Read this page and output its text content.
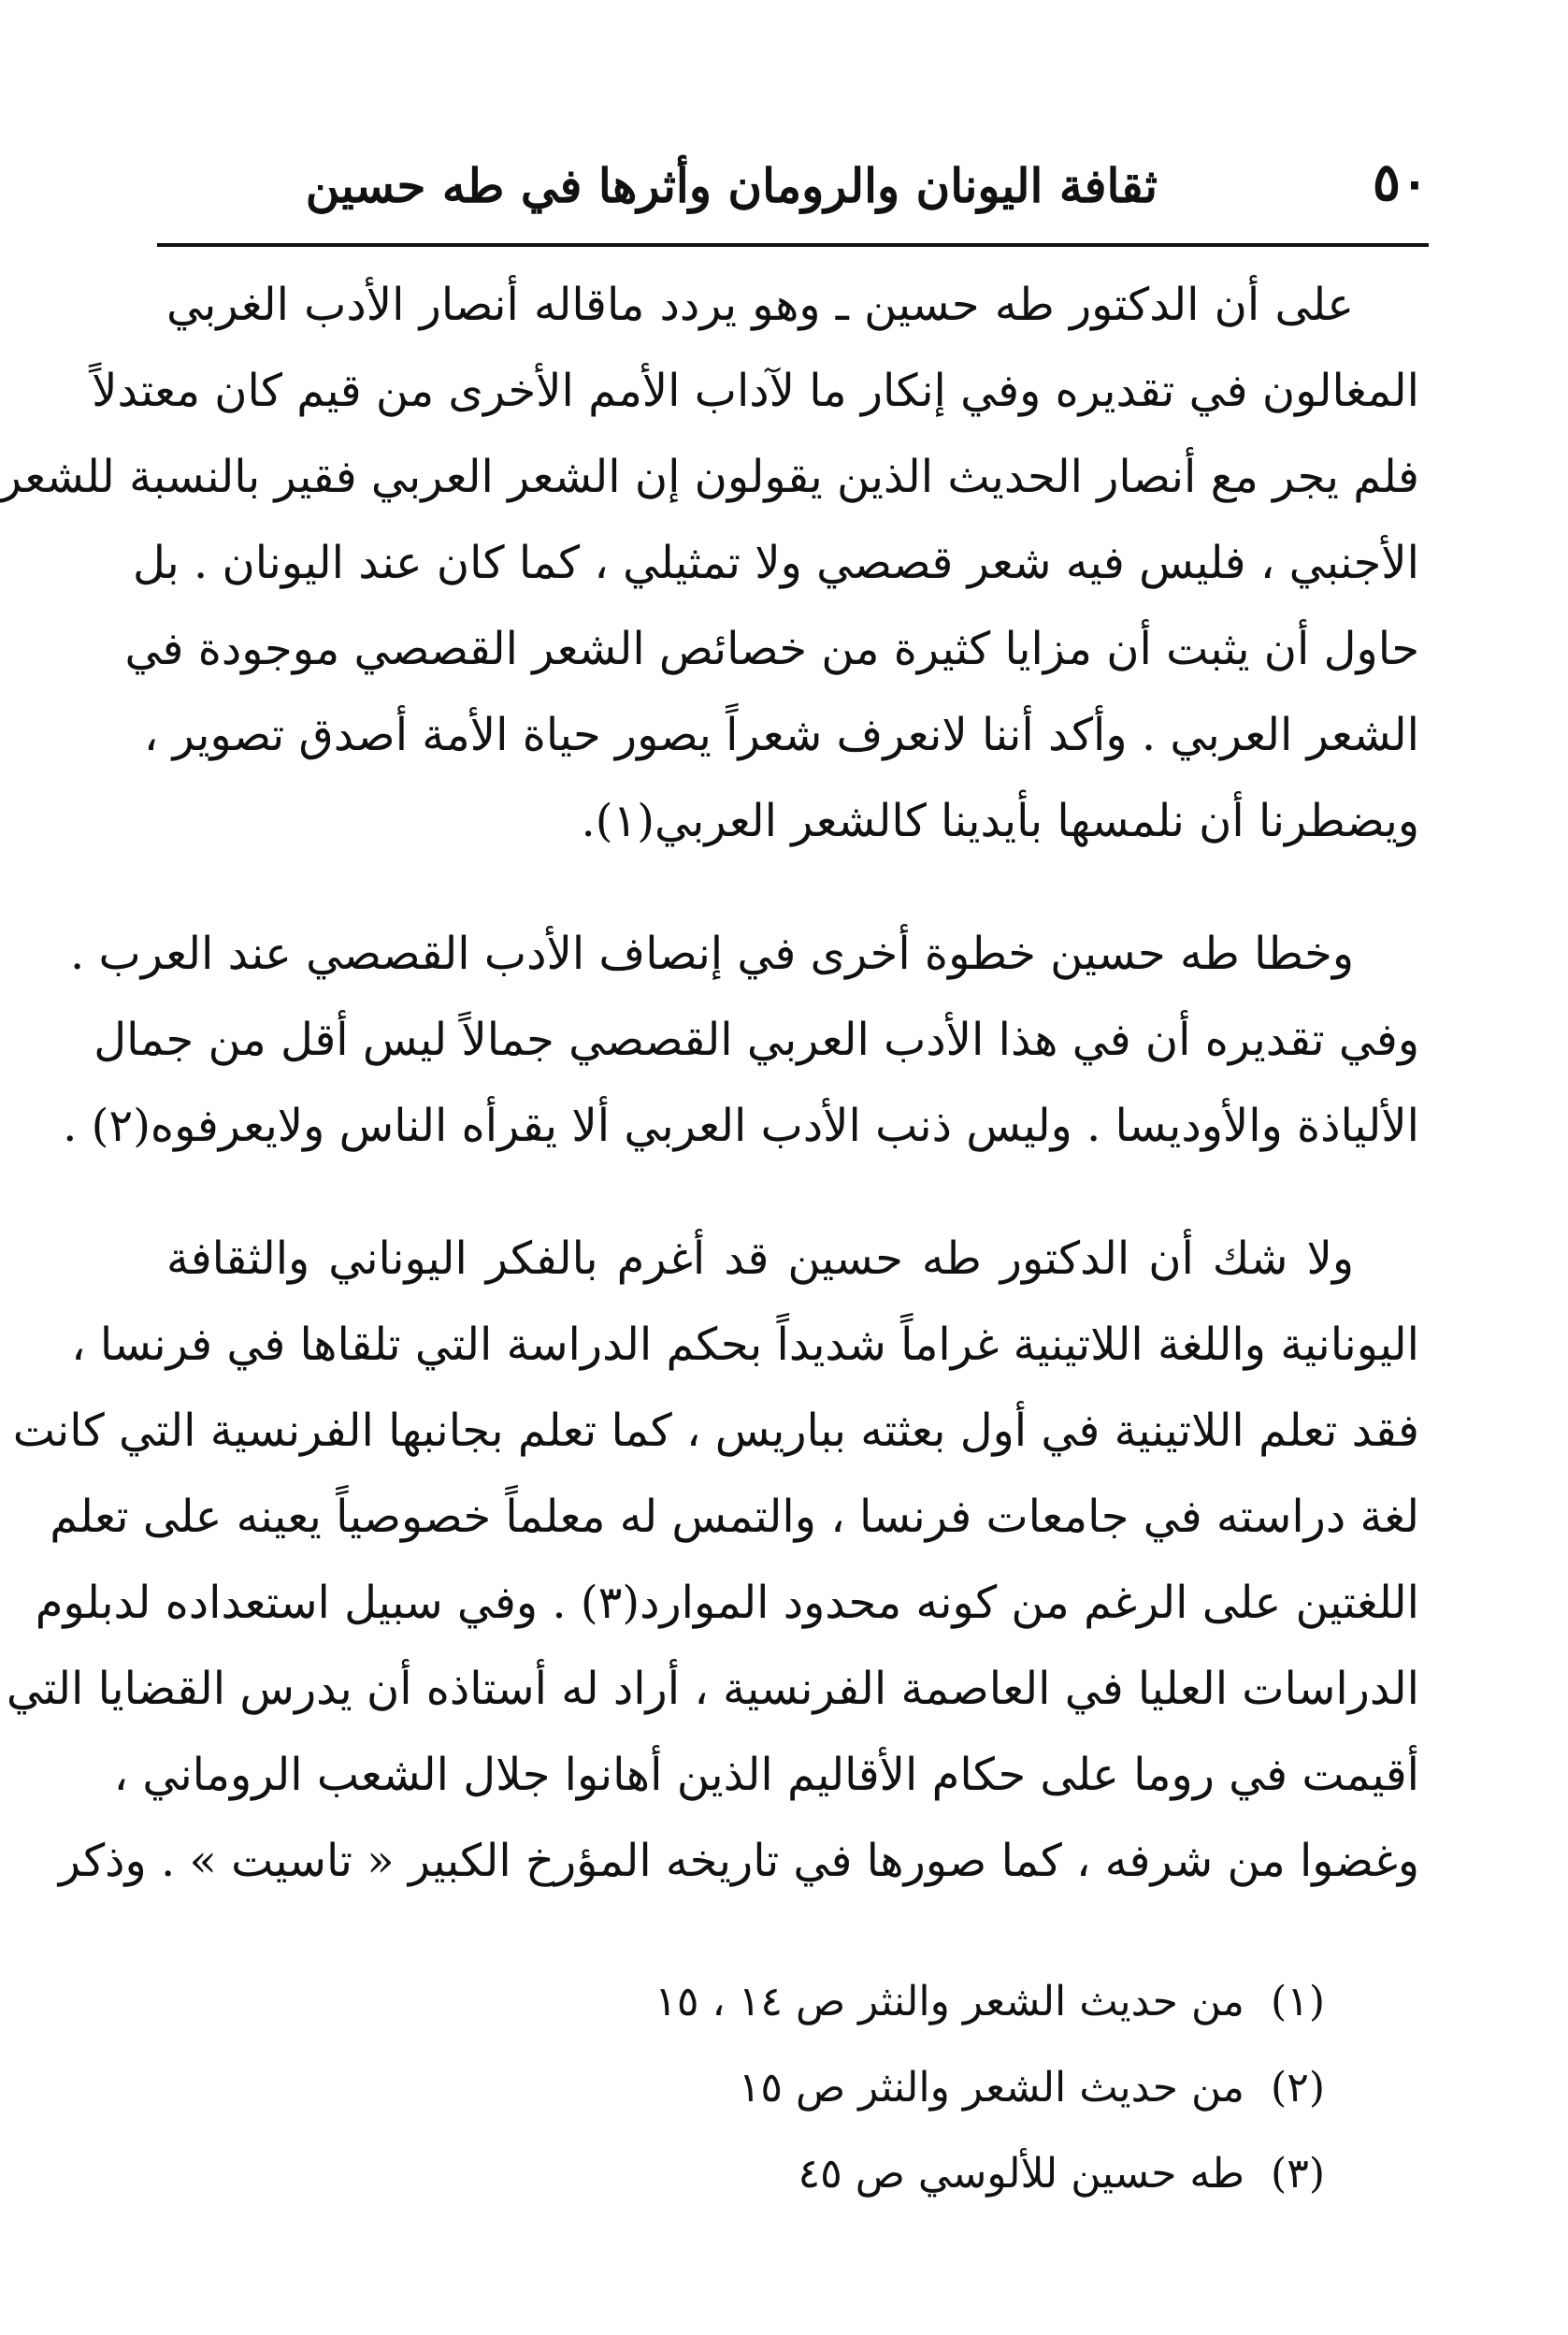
٥٠
ثقافة اليونان والرومان وأثرها في طه حسين

على أن الدكتور طه حسين ـ وهو يردد ماقاله أنصار الأدب الغربي

المغالون في تقديره وفي إنكار ما لآداب الأمم الأخرى من قيم كان معتدلاً

فلم يجر مع أنصار الحديث الذين يقولون إن الشعر العربي فقير بالنسبة للشعر

الأجنبي ، فليس فيه شعر قصصي ولا تمثيلي ، كما كان عند اليونان . بل

حاول أن يثبت أن مزايا كثيرة من خصائص الشعر القصصي موجودة في

الشعر العربي . وأكد أننا لانعرف شعراً يصور حياة الأمة أصدق تصوير ،

ويضطرنا أن نلمسها بأيدينا كالشعر العربي(١).

وخطا طه حسين خطوة أخرى في إنصاف الأدب القصصي عند العرب .

وفي تقديره أن في هذا الأدب العربي القصصي جمالاً ليس أقل من جمال

الألياذة والأوديسا . وليس ذنب الأدب العربي ألا يقرأه الناس ولايعرفوه(٢) .

ولا شك أن الدكتور طه حسين قد أغرم بالفكر اليوناني والثقافة

اليونانية واللغة اللاتينية غراماً شديداً بحكم الدراسة التي تلقاها في فرنسا ،

فقد تعلم اللاتينية في أول بعثته بباريس ، كما تعلم بجانبها الفرنسية التي كانت

لغة دراسته في جامعات فرنسا ، والتمس له معلماً خصوصياً يعينه على تعلم

اللغتين على الرغم من كونه محدود الموارد(٣) . وفي سبيل استعداده لدبلوم

الدراسات العليا في العاصمة الفرنسية ، أراد له أستاذه أن يدرس القضايا التي

أقيمت في روما على حكام الأقاليم الذين أهانوا جلال الشعب الروماني ،

وغضوا من شرفه ، كما صورها في تاريخه المؤرخ الكبير « تاسيت » . وذكر

(١)من حديث الشعر والنثر ص ١٤ ، ١٥

(٢)من حديث الشعر والنثر ص ١٥

(٣)طه حسين للألوسي ص ٤٥
